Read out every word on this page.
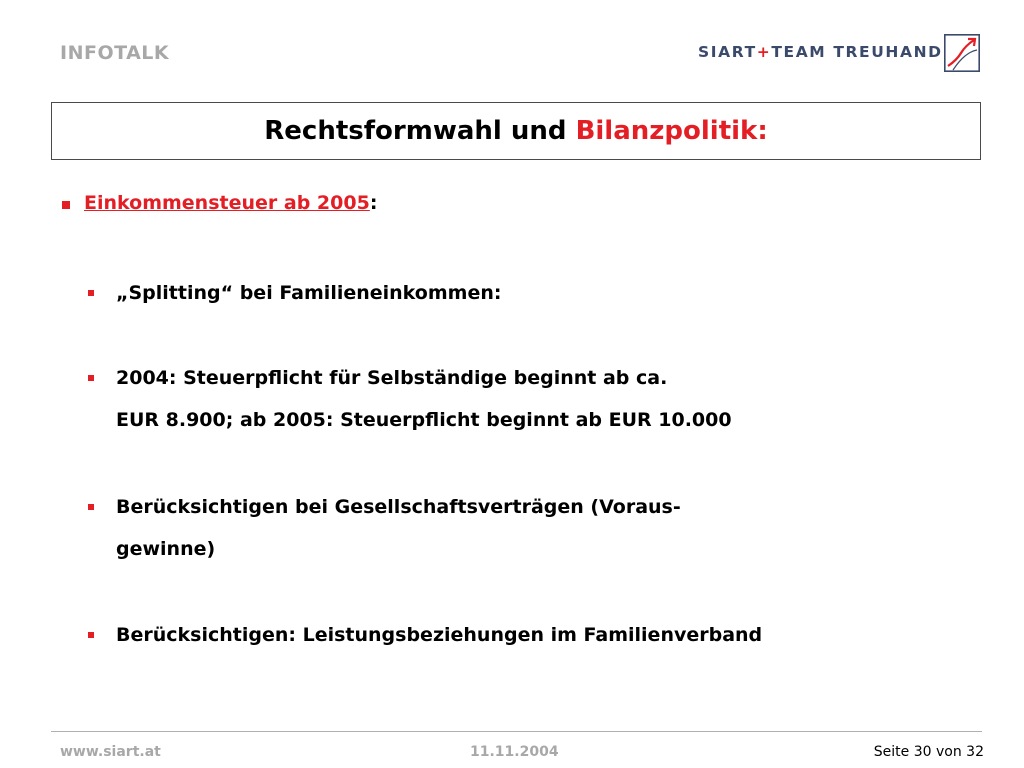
INFOTALK	SIART+TEAM TREUHAND
Rechtsformwahl und Bilanzpolitik:
Einkommensteuer ab 2005:
„Splitting“ bei Familieneinkommen:
2004: Steuerpflicht für Selbständige beginnt ab ca.
EUR 8.900; ab 2005: Steuerpflicht beginnt ab EUR 10.000
Berücksichtigen bei Gesellschaftsverträgen (Voraus-
gewinne)
Berücksichtigen: Leistungsbeziehungen im Familienverband
www.siart.at	11.11.2004	Seite 30 von 32
